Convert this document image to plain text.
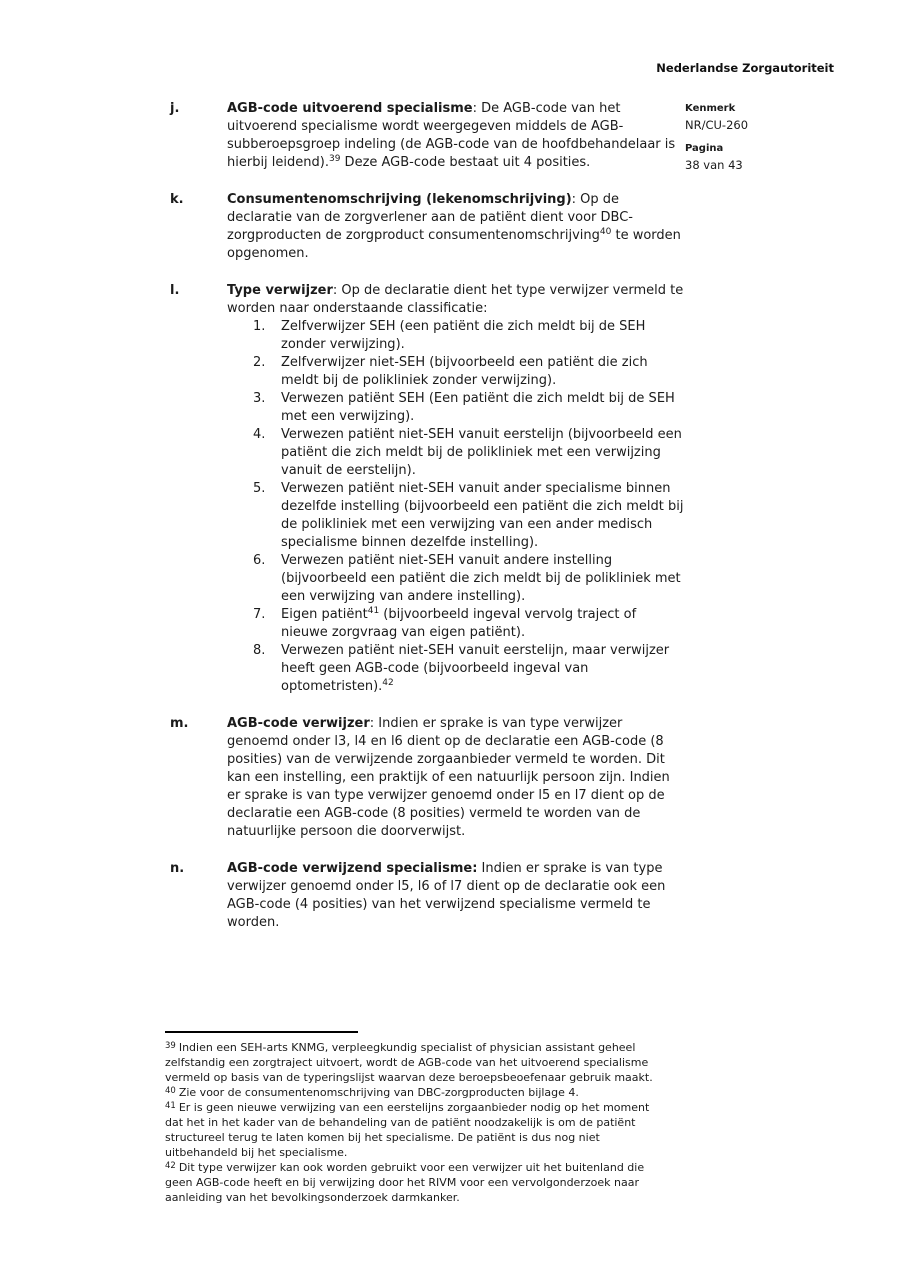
Nederlandse Zorgautoriteit
Kenmerk
NR/CU-260
Pagina
38 van 43
j.	AGB-code uitvoerend specialisme: De AGB-code van het uitvoerend specialisme wordt weergegeven middels de AGB-subberoepsgroep indeling (de AGB-code van de hoofdbehandelaar is hierbij leidend).$^{39}$ Deze AGB-code bestaat uit 4 posities.

k.	Consumentenomschrijving (lekenomschrijving): Op de declaratie van de zorgverlener aan de patiënt dient voor DBC-zorgproducten de zorgproduct consumentenomschrijving$^{40}$ te worden opgenomen.

l.	Type verwijzer: Op de declaratie dient het type verwijzer vermeld te worden naar onderstaande classificatie:

1.	Zelfverwijzer SEH (een patiënt die zich meldt bij de SEH zonder verwijzing).
2.	Zelfverwijzer niet-SEH (bijvoorbeeld een patiënt die zich meldt bij de polikliniek zonder verwijzing).
3.	Verwezen patiënt SEH (Een patiënt die zich meldt bij de SEH met een verwijzing).
4.	Verwezen patiënt niet-SEH vanuit eerstelijn (bijvoorbeeld een patiënt die zich meldt bij de polikliniek met een verwijzing vanuit de eerstelijn).
5.	Verwezen patiënt niet-SEH vanuit ander specialisme binnen dezelfde instelling (bijvoorbeeld een patiënt die zich meldt bij de polikliniek met een verwijzing van een ander medisch specialisme binnen dezelfde instelling).
6.	Verwezen patiënt niet-SEH vanuit andere instelling (bijvoorbeeld een patiënt die zich meldt bij de polikliniek met een verwijzing van andere instelling).
7.	Eigen patiënt$^{41}$ (bijvoorbeeld ingeval vervolg traject of nieuwe zorgvraag van eigen patiënt).
8.	Verwezen patiënt niet-SEH vanuit eerstelijn, maar verwijzer heeft geen AGB-code (bijvoorbeeld ingeval van optometristen).$^{42}$
m.	AGB-code verwijzer: Indien er sprake is van type verwijzer genoemd onder l3, l4 en l6 dient op de declaratie een AGB-code (8 posities) van de verwijzende zorgaanbieder vermeld te worden. Dit kan een instelling, een praktijk of een natuurlijk persoon zijn. Indien er sprake is van type verwijzer genoemd onder l5 en l7 dient op de declaratie een AGB-code (8 posities) vermeld te worden van de natuurlijke persoon die doorverwijst.

n.	AGB-code verwijzend specialisme: Indien er sprake is van type verwijzer genoemd onder l5, l6 of l7 dient op de declaratie ook een AGB-code (4 posities) van het verwijzend specialisme vermeld te worden.

$^{39}$ Indien een SEH-arts KNMG, verpleegkundig specialist of physician assistant geheel zelfstandig een zorgtraject uitvoert, wordt de AGB-code van het uitvoerend specialisme vermeld op basis van de typeringslijst waarvan deze beroepsbeoefenaar gebruik maakt.
$^{40}$ Zie voor de consumentenomschrijving van DBC-zorgproducten bijlage 4.
$^{41}$ Er is geen nieuwe verwijzing van een eerstelijns zorgaanbieder nodig op het moment dat het in het kader van de behandeling van de patiënt noodzakelijk is om de patiënt structureel terug te laten komen bij het specialisme. De patiënt is dus nog niet uitbehandeld bij het specialisme.
$^{42}$ Dit type verwijzer kan ook worden gebruikt voor een verwijzer uit het buitenland die geen AGB-code heeft en bij verwijzing door het RIVM voor een vervolgonderzoek naar aanleiding van het bevolkingsonderzoek darmkanker.
